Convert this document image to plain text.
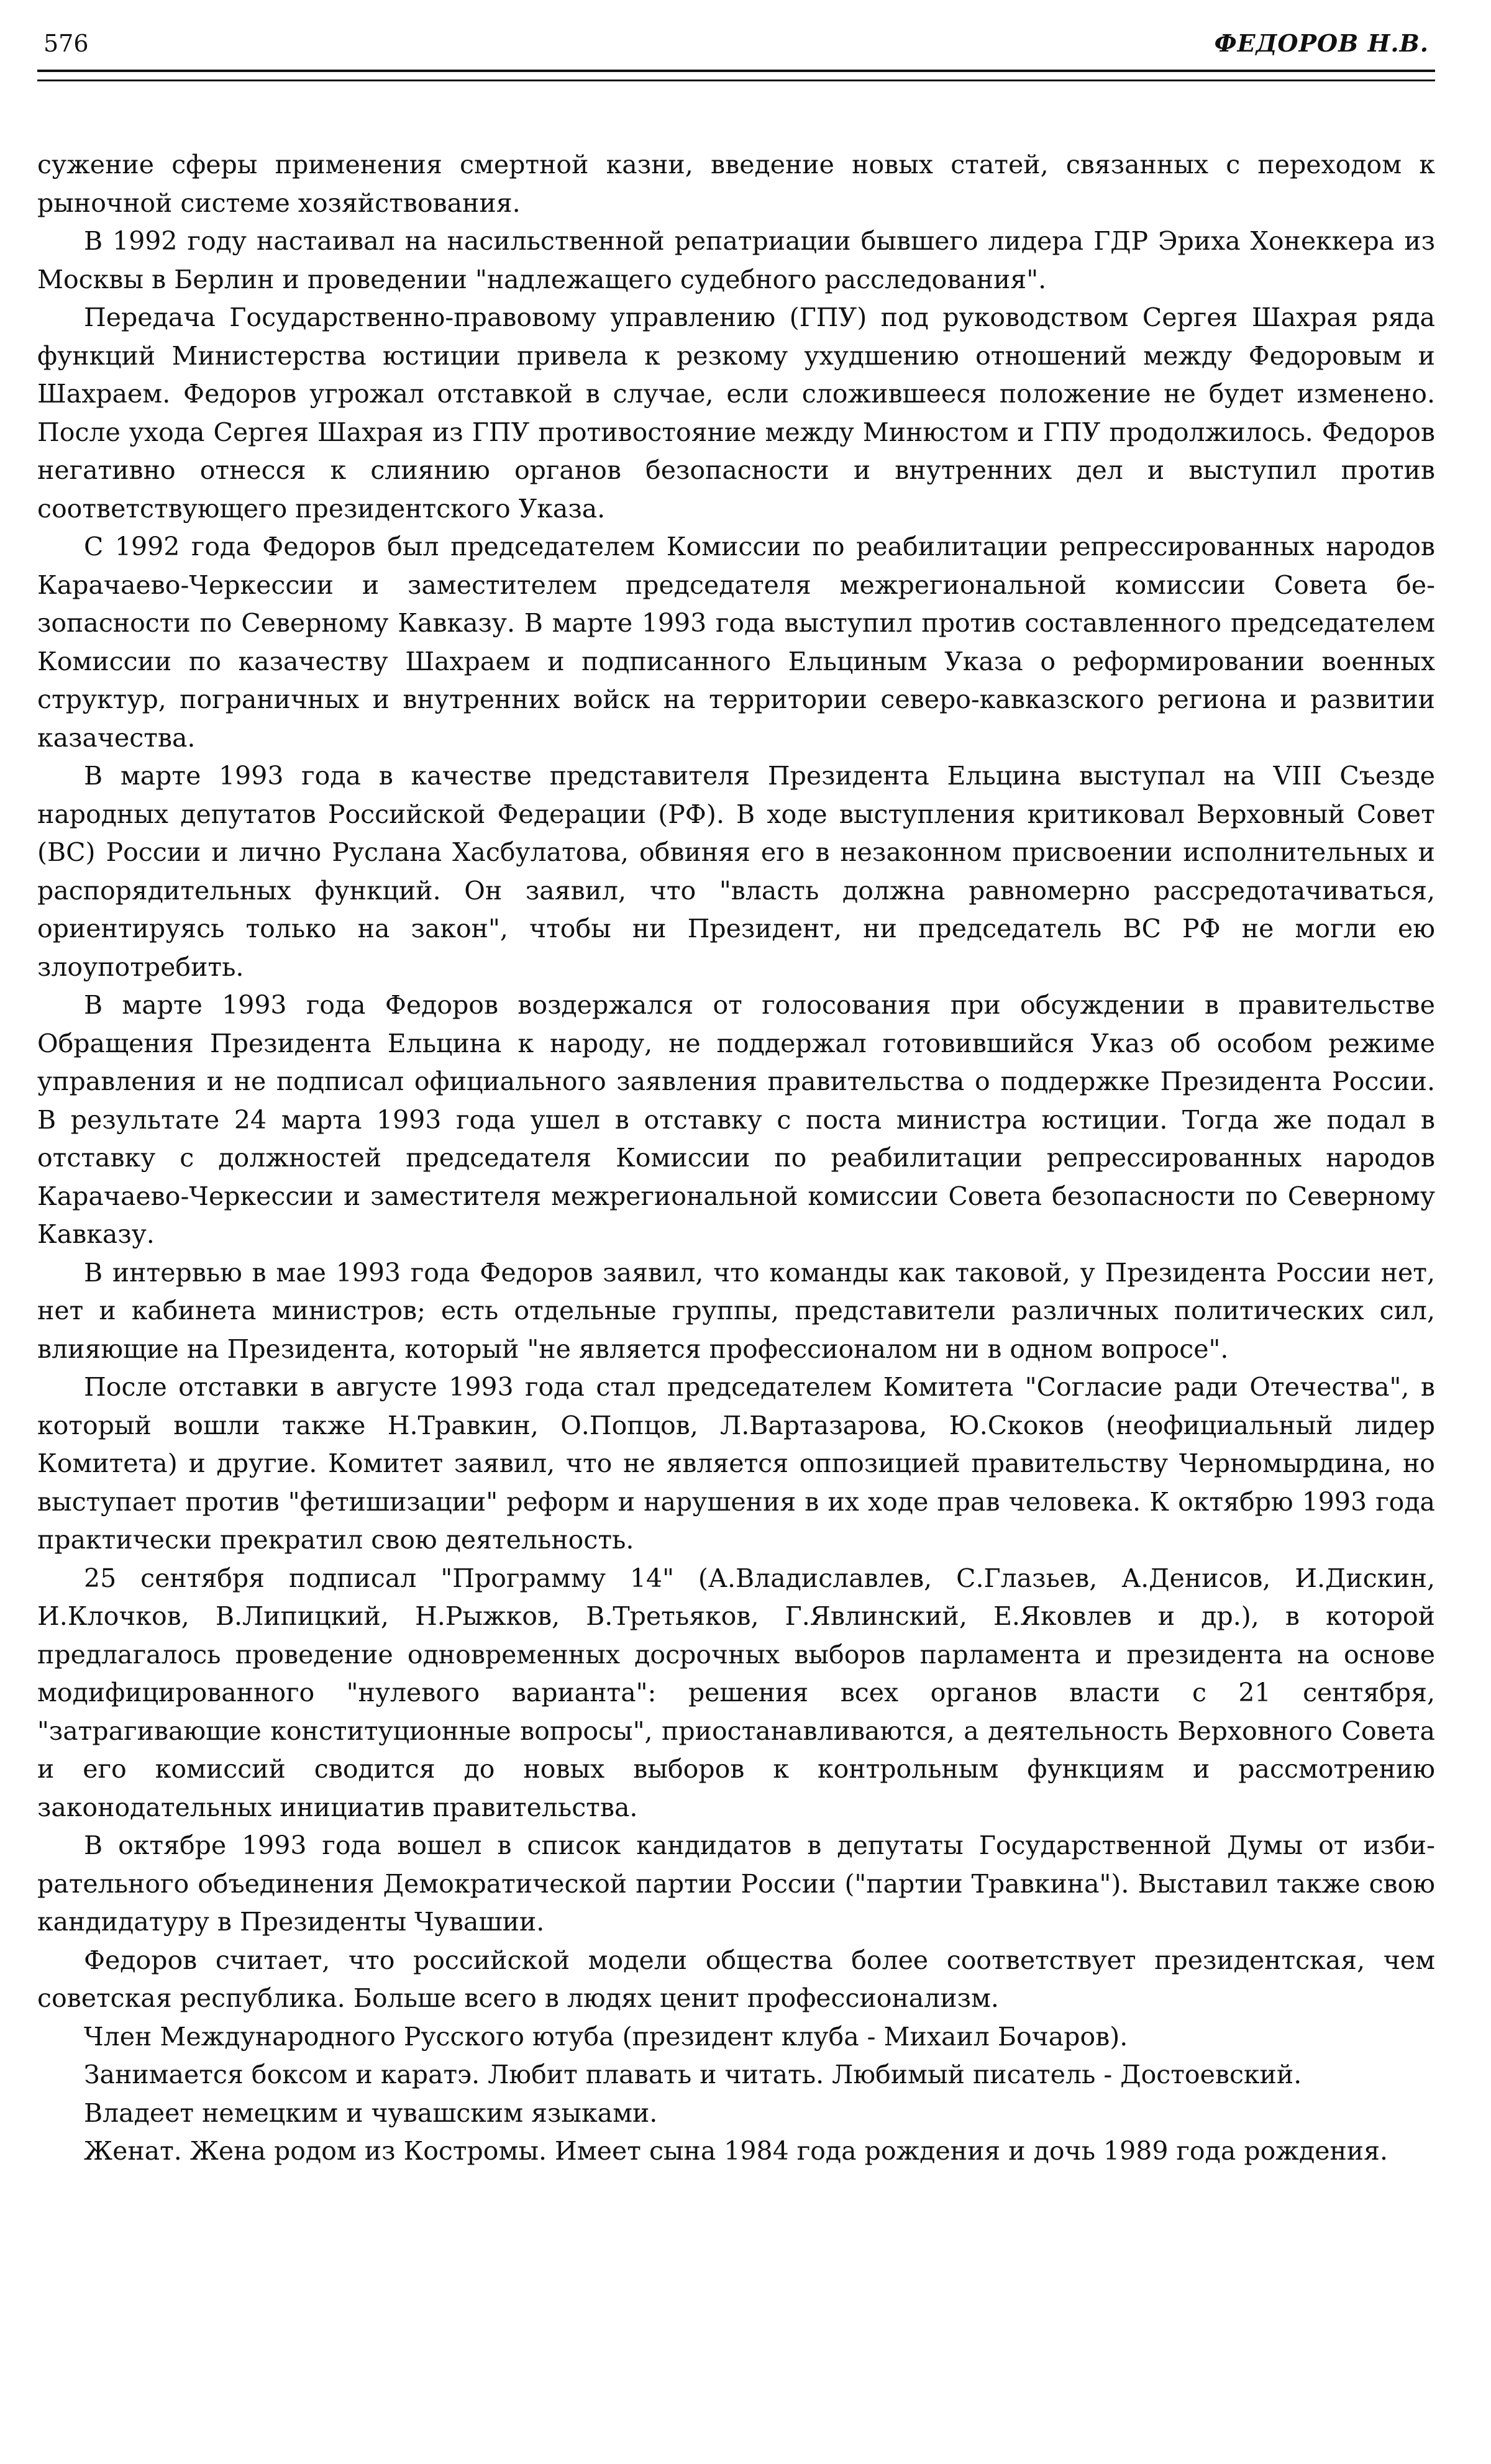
576	ФЕДОРОВ Н.В.

сужение сферы применения смертной казни, введение новых статей, связанных с переходом к рыночной системе хозяйствования.

В 1992 году настаивал на насильственной репатриации бывшего лидера ГДР Эриха Хонеккера из Москвы в Берлин и проведении "надлежащего судебного расследования".

Передача Государственно-правовому управлению (ГПУ) под руководством Сергея Шахрая ряда функций Министерства юстиции привела к резкому ухудшению отношений между Федоровым и Шахраем. Федоров угрожал отставкой в случае, если сложившееся положение не будет изменено. После ухода Сергея Шахрая из ГПУ противостояние между Минюстом и ГПУ продолжилось. Федоров негативно отнесся к слиянию органов безопасности и внутренних дел и выступил против соответствующего президентского Указа.

С 1992 года Федоров был председателем Комиссии по реабилитации репрессированных народов Карачаево-Черкессии и заместителем председателя межрегиональной комиссии Совета безопасности по Северному Кавказу. В марте 1993 года выступил против составленного председателем Комиссии по казачеству Шахраем и подписанного Ельциным Указа о реформировании военных структур, пограничных и внутренних войск на территории северо-кавказского региона и развитии казачества.

В марте 1993 года в качестве представителя Президента Ельцина выступал на VIII Съезде народных депутатов Российской Федерации (РФ). В ходе выступления критиковал Верховный Совет (ВС) России и лично Руслана Хасбулатова, обвиняя его в незаконном присвоении исполнительных и распорядительных функций. Он заявил, что "власть должна равномерно рассредотачиваться, ориентируясь только на закон", чтобы ни Президент, ни председатель ВС РФ не могли ею злоупотребить.

В марте 1993 года Федоров воздержался от голосования при обсуждении в правительстве Обращения Президента Ельцина к народу, не поддержал готовившийся Указ об особом режиме управления и не подписал официального заявления правительства о поддержке Президента России. В результате 24 марта 1993 года ушел в отставку с поста министра юстиции. Тогда же подал в отставку с должностей председателя Комиссии по реабилитации репрессированных народов Карачаево-Черкессии и заместителя межрегиональной комиссии Совета безопасности по Северному Кавказу.

В интервью в мае 1993 года Федоров заявил, что команды как таковой, у Президента России нет, нет и кабинета министров; есть отдельные группы, представители различных политических сил, влияющие на Президента, который "не является профессионалом ни в одном вопросе".

После отставки в августе 1993 года стал председателем Комитета "Согласие ради Отечества", в который вошли также Н.Травкин, О.Попцов, Л.Вартазарова, Ю.Скоков (неофициальный лидер Комитета) и другие. Комитет заявил, что не является оппозицией правительству Черномырдина, но выступает против "фетишизации" реформ и нарушения в их ходе прав человека. К октябрю 1993 года практически прекратил свою деятельность.

25 сентября подписал "Программу 14" (А.Владиславлев, С.Глазьев, А.Денисов, И.Дискин, И.Клочков, В.Липицкий, Н.Рыжков, В.Третьяков, Г.Явлинский, Е.Яковлев и др.), в которой предлагалось проведение одновременных досрочных выборов парламента и президента на основе модифицированного "нулевого варианта": решения всех органов власти с 21 сентября, "затрагивающие конституционные вопросы", приостанавливаются, а деятельность Верховного Совета и его комиссий сводится до новых выборов к контрольным функциям и рассмотрению законодательных инициатив правительства.

В октябре 1993 года вошел в список кандидатов в депутаты Государственной Думы от избирательного объединения Демократической партии России ("партии Травкина"). Выставил также свою кандидатуру в Президенты Чувашии.

Федоров считает, что российской модели общества более соответствует президентская, чем советская республика. Больше всего в людях ценит профессионализм.

Член Международного Русского ютуба (президент клуба - Михаил Бочаров).

Занимается боксом и каратэ. Любит плавать и читать. Любимый писатель - Достоевский.

Владеет немецким и чувашским языками.

Женат. Жена родом из Костромы. Имеет сына 1984 года рождения и дочь 1989 года рождения.
